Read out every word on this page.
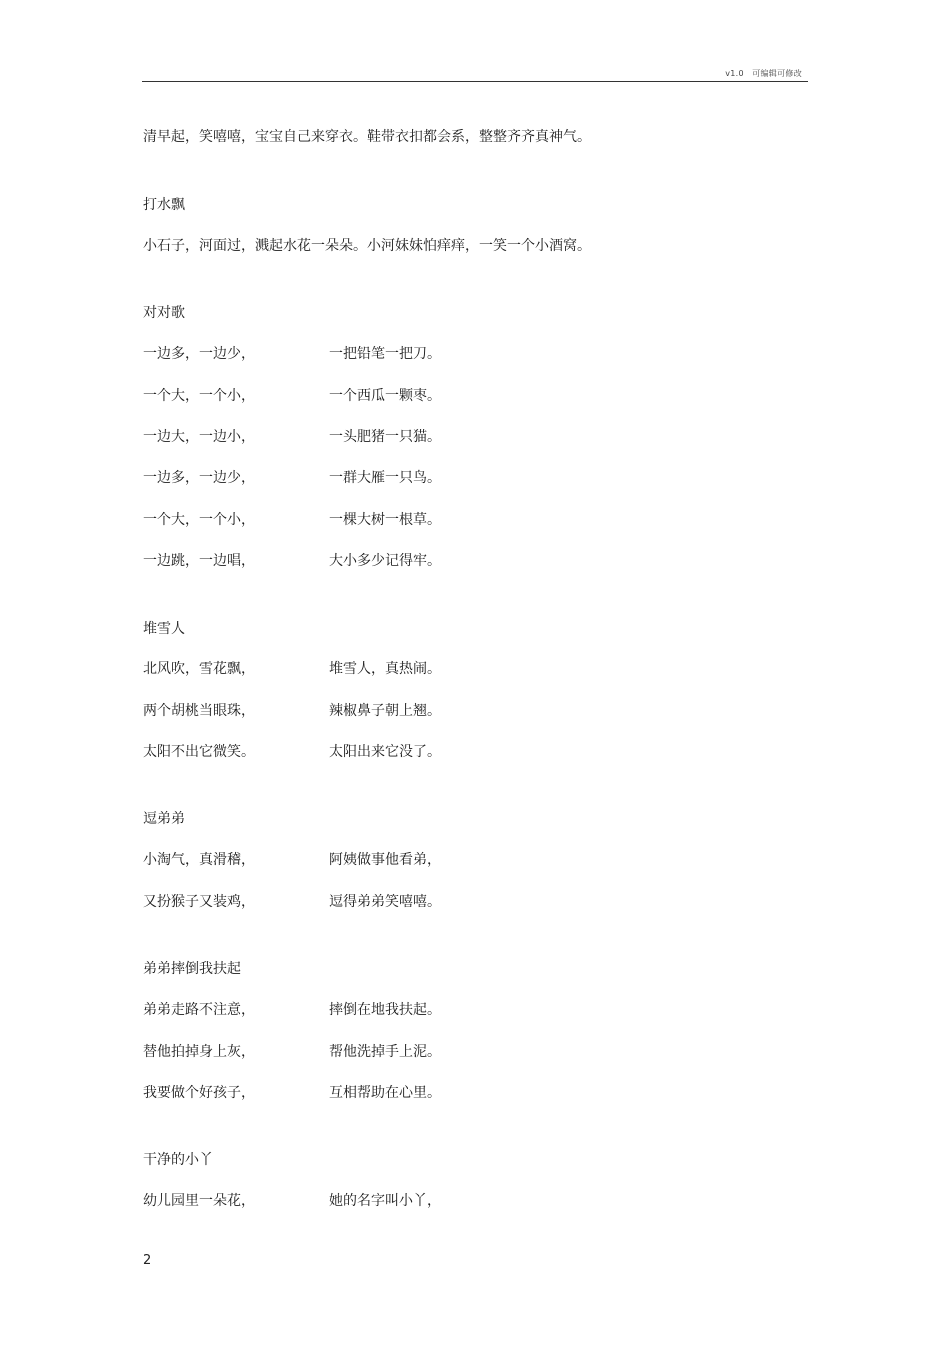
v1.0　可编辑可修改
清早起，笑嘻嘻，宝宝自己来穿衣。鞋带衣扣都会系，整整齐齐真神气。
打水飘
小石子，河面过，溅起水花一朵朵。小河妹妹怕痒痒，一笑一个小酒窝。
对对歌
一边多，一边少，	一把铅笔一把刀。
一个大，一个小，	一个西瓜一颗枣。
一边大，一边小，	一头肥猪一只猫。
一边多，一边少，	一群大雁一只鸟。
一个大，一个小，	一棵大树一根草。
一边跳，一边唱，	大小多少记得牢。
堆雪人
北风吹，雪花飘，	堆雪人，真热闹。
两个胡桃当眼珠，	辣椒鼻子朝上翘。
太阳不出它微笑。	太阳出来它没了。
逗弟弟
小淘气，真滑稽，	阿姨做事他看弟，
又扮猴子又装鸡，	逗得弟弟笑嘻嘻。
弟弟摔倒我扶起
弟弟走路不注意，	摔倒在地我扶起。
替他拍掉身上灰，	帮他洗掉手上泥。
我要做个好孩子，	互相帮助在心里。
干净的小丫
幼儿园里一朵花，	她的名字叫小丫，
2
